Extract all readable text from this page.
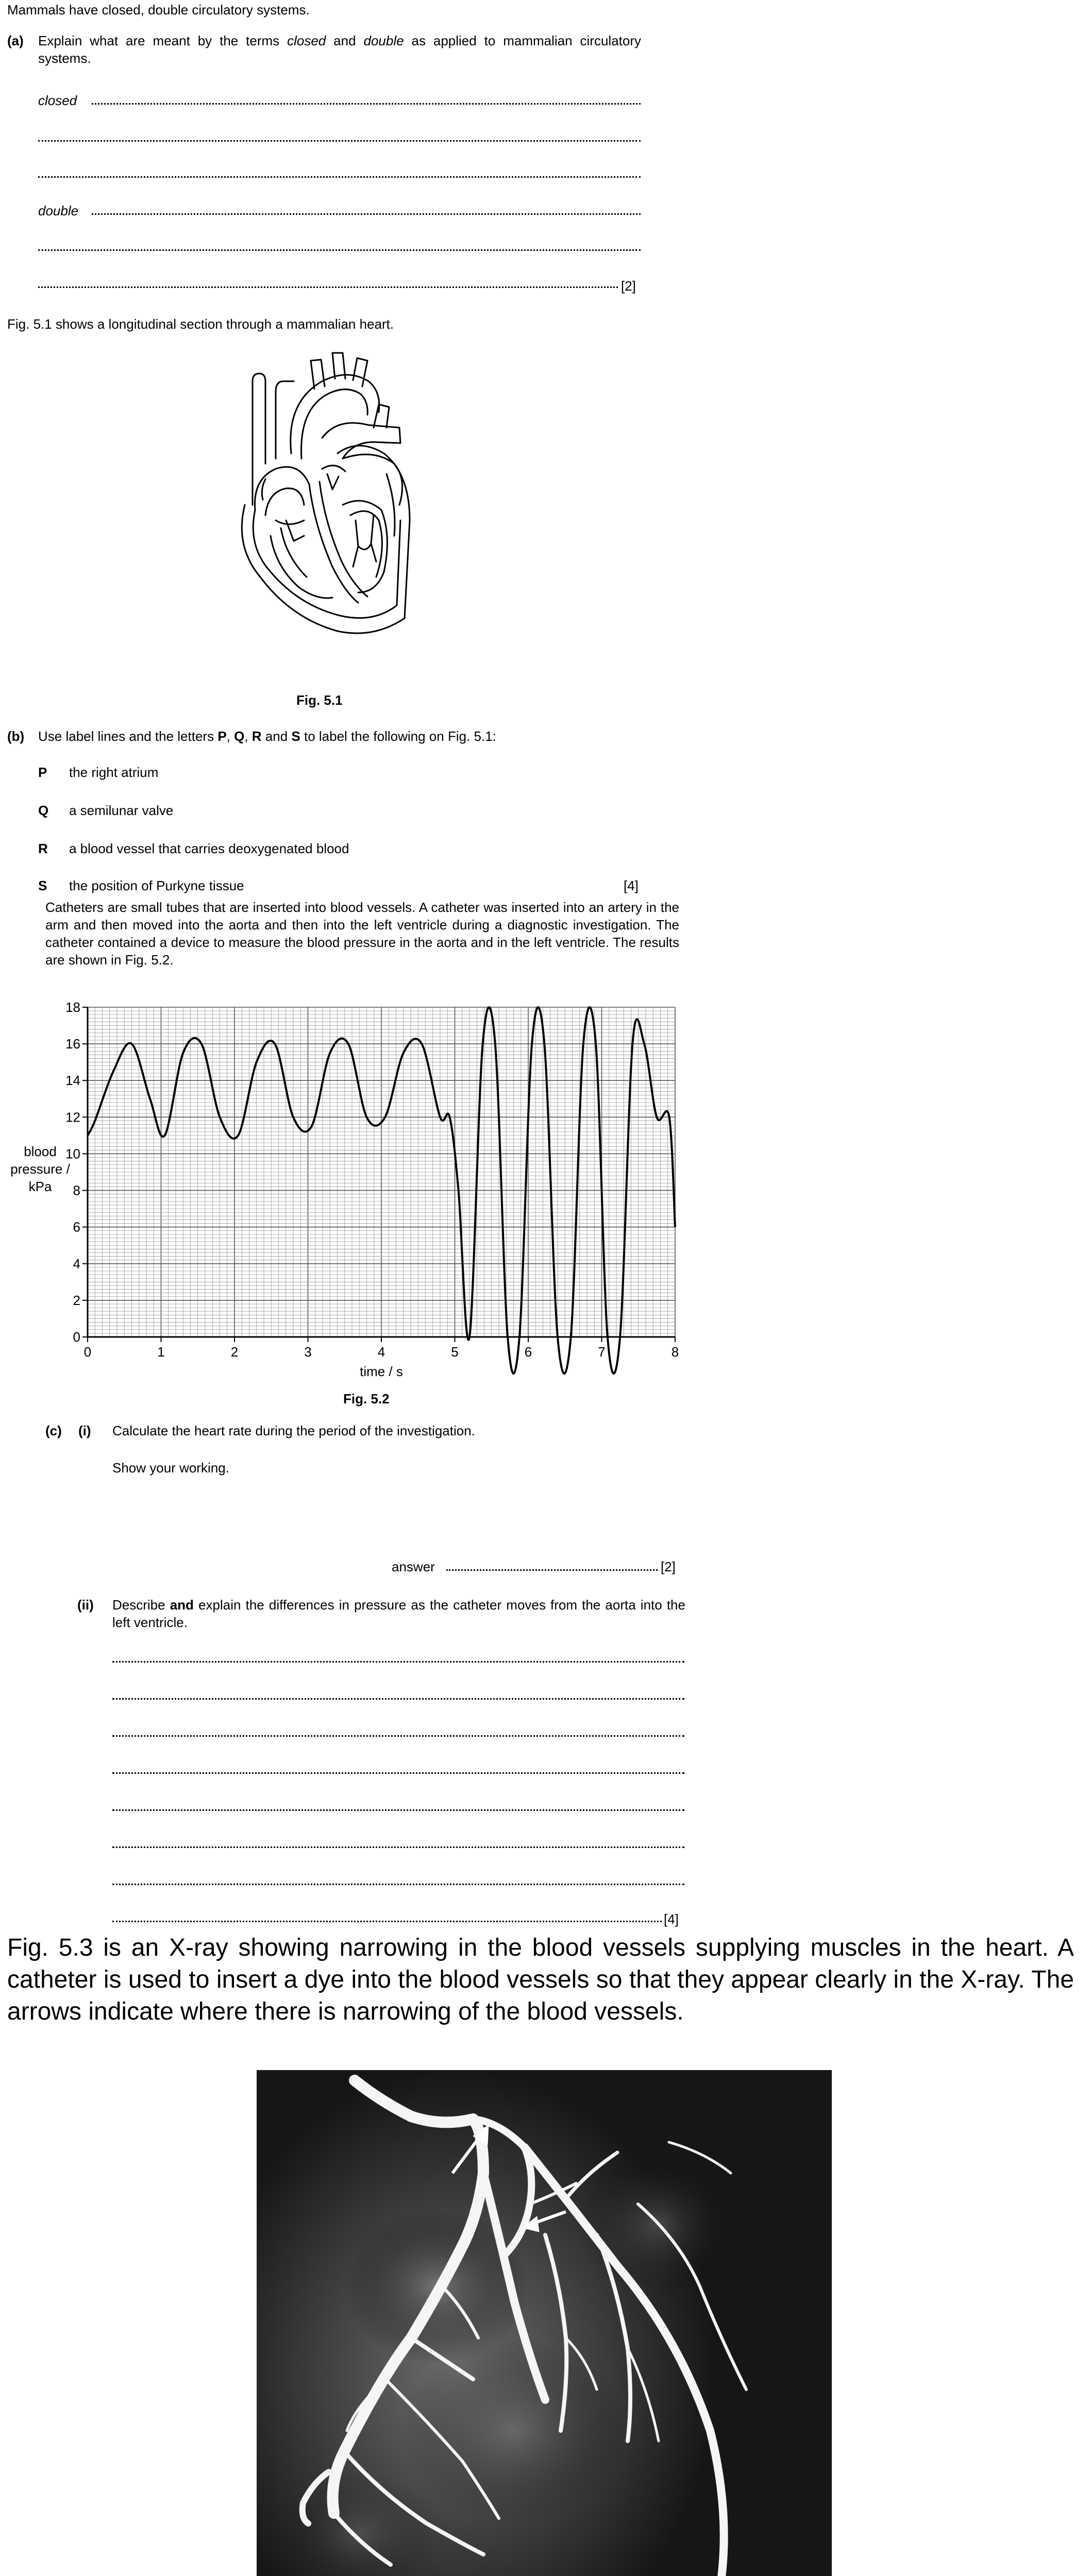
Mammals have closed, double circulatory systems.
(a) Explain what are meant by the terms closed and double as applied to mammalian circulatory systems.
closed
double
[2]
Fig. 5.1 shows a longitudinal section through a mammalian heart.
Fig. 5.1
(b) Use label lines and the letters P, Q, R and S to label the following on Fig. 5.1:
P the right atrium
Q a semilunar valve
R a blood vessel that carries deoxygenated blood
S the position of Purkyne tissue	[4]
Catheters are small tubes that are inserted into blood vessels. A catheter was inserted into an artery in the arm and then moved into the aorta and then into the left ventricle during a diagnostic investigation. The catheter contained a device to measure the blood pressure in the aorta and in the left ventricle. The results are shown in Fig. 5.2.
blood pressure / kPa
0
2
4
6
8
10
12
14
16
18
0	1	2	3	4	5	6	7	8
time / s
Fig. 5.2
(c) (i) Calculate the heart rate during the period of the investigation.
Show your working.
answer	[2]
(ii) Describe and explain the differences in pressure as the catheter moves from the aorta into the left ventricle.
[4]
Fig. 5.3 is an X-ray showing narrowing in the blood vessels supplying muscles in the heart. A catheter is used to insert a dye into the blood vessels so that they appear clearly in the X-ray. The arrows indicate where there is narrowing of the blood vessels.
